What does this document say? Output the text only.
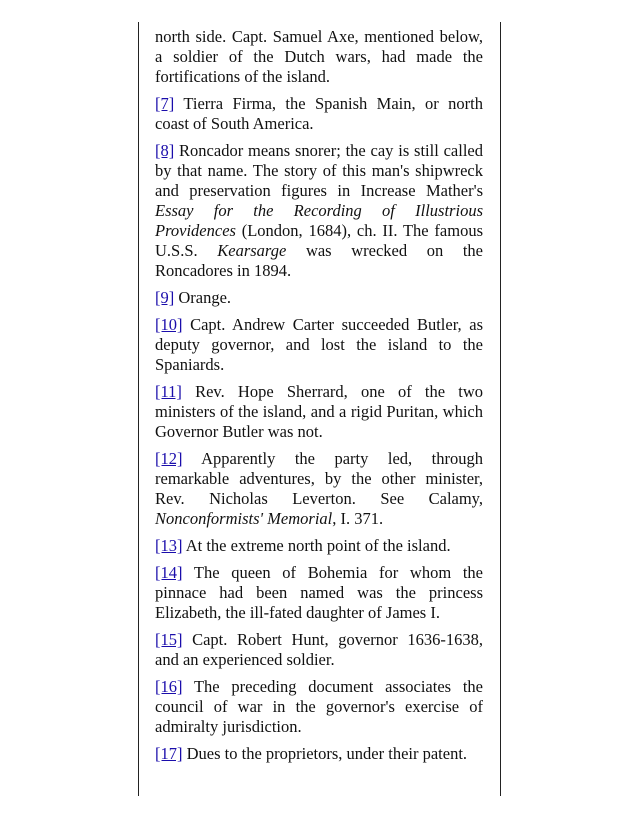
north side. Capt. Samuel Axe, mentioned below, a soldier of the Dutch wars, had made the fortifications of the island.

[7] Tierra Firma, the Spanish Main, or north coast of South America.

[8] Roncador means snorer; the cay is still called by that name. The story of this man's shipwreck and preservation figures in Increase Mather's Essay for the Recording of Illustrious Providences (London, 1684), ch. II. The famous U.S.S. Kearsarge was wrecked on the Roncadores in 1894.

[9] Orange.

[10] Capt. Andrew Carter succeeded Butler, as deputy governor, and lost the island to the Spaniards.

[11] Rev. Hope Sherrard, one of the two ministers of the island, and a rigid Puritan, which Governor Butler was not.

[12] Apparently the party led, through remarkable adventures, by the other minister, Rev. Nicholas Leverton. See Calamy, Nonconformists' Memorial, I. 371.

[13] At the extreme north point of the island.

[14] The queen of Bohemia for whom the pinnace had been named was the princess Elizabeth, the ill-fated daughter of James I.

[15] Capt. Robert Hunt, governor 1636-1638, and an experienced soldier.

[16] The preceding document associates the council of war in the governor's exercise of admiralty jurisdiction.

[17] Dues to the proprietors, under their patent.
